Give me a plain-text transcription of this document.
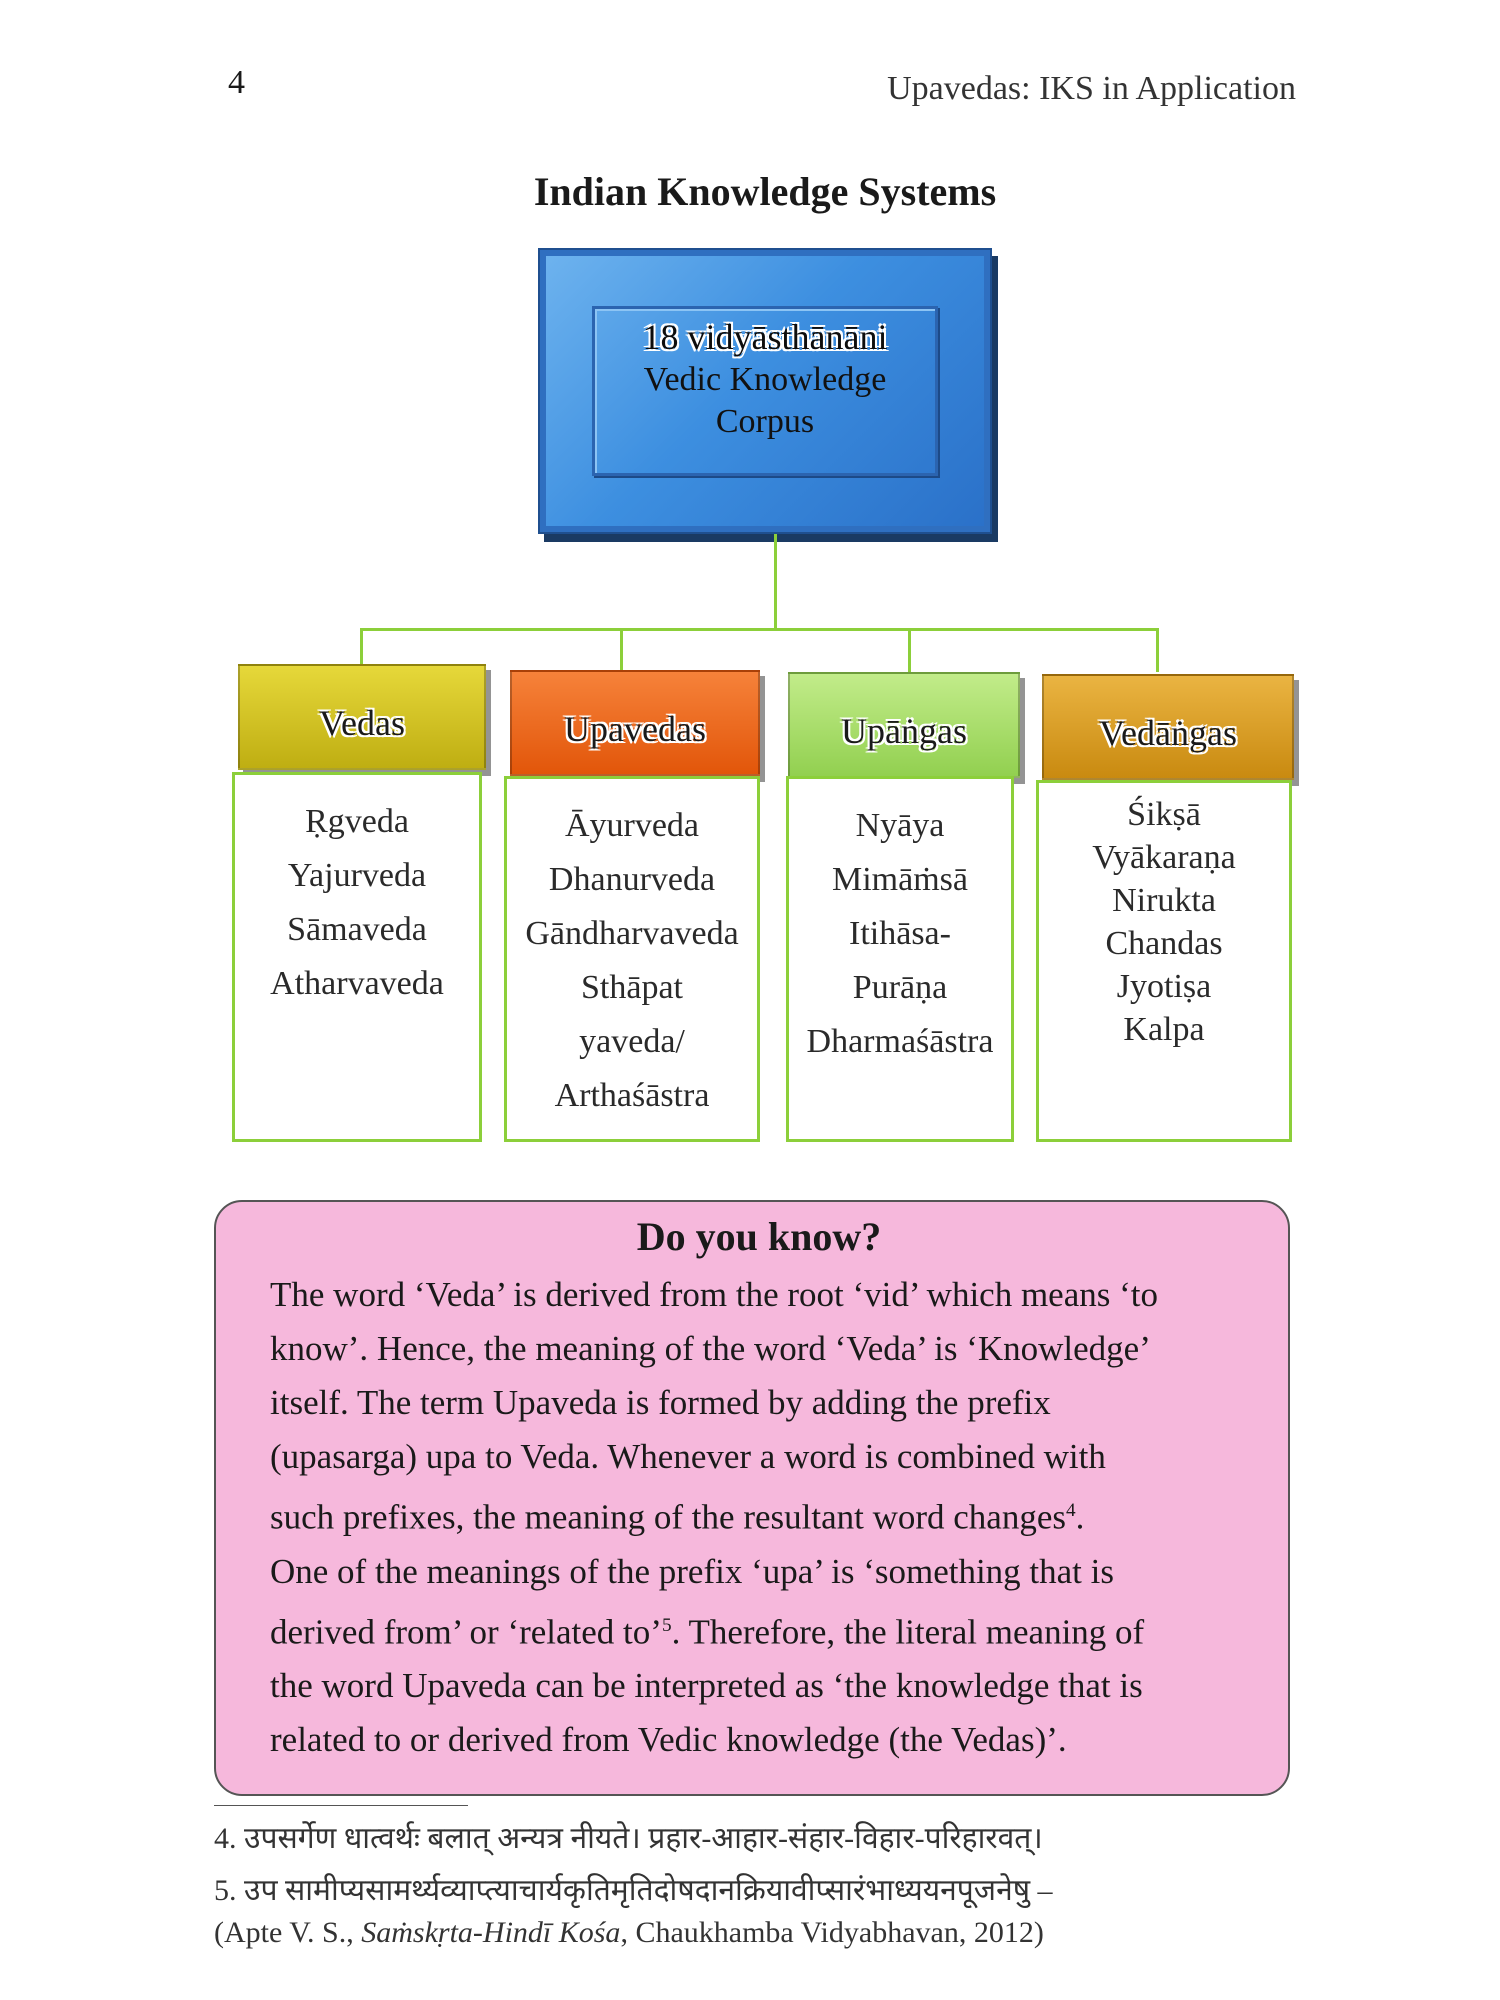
4	Upavedas: IKS in Application
Indian Knowledge Systems
18 vidyāsthānāni
Vedic Knowledge
Corpus
Vedas
Ṛgveda
Yajurveda
Sāmaveda
Atharvaveda
Upavedas
Āyurveda
Dhanurveda
Gāndharvaveda
Sthāpat
yaveda/
Arthaśāstra
Upāṅgas
Nyāya
Mimāṁsā
Itihāsa-
Purāṇa
Dharmaśāstra
Vedāṅgas
Śikṣā
Vyākaraṇa
Nirukta
Chandas
Jyotiṣa
Kalpa
Do you know?
The word ‘Veda’ is derived from the root ‘vid’ which means ‘to
know’. Hence, the meaning of the word ‘Veda’ is ‘Knowledge’
itself. The term Upaveda is formed by adding the prefix
(upasarga) upa to Veda. Whenever a word is combined with
such prefixes, the meaning of the resultant word changes$^4$.
One of the meanings of the prefix ‘upa’ is ‘something that is
derived from’ or ‘related to’$^5$. Therefore, the literal meaning of
the word Upaveda can be interpreted as ‘the knowledge that is
related to or derived from Vedic knowledge (the Vedas)’.
4. उपसर्गेण धात्वर्थः बलात् अन्यत्र नीयते। प्रहार-आहार-संहार-विहार-परिहारवत्।
5. उप सामीप्यसामर्थ्यव्याप्त्याचार्यकृतिमृतिदोषदानक्रियावीप्सारंभाध्ययनपूजनेषु –
(Apte V. S., Saṁskṛta-Hindī Kośa, Chaukhamba Vidyabhavan, 2012)
